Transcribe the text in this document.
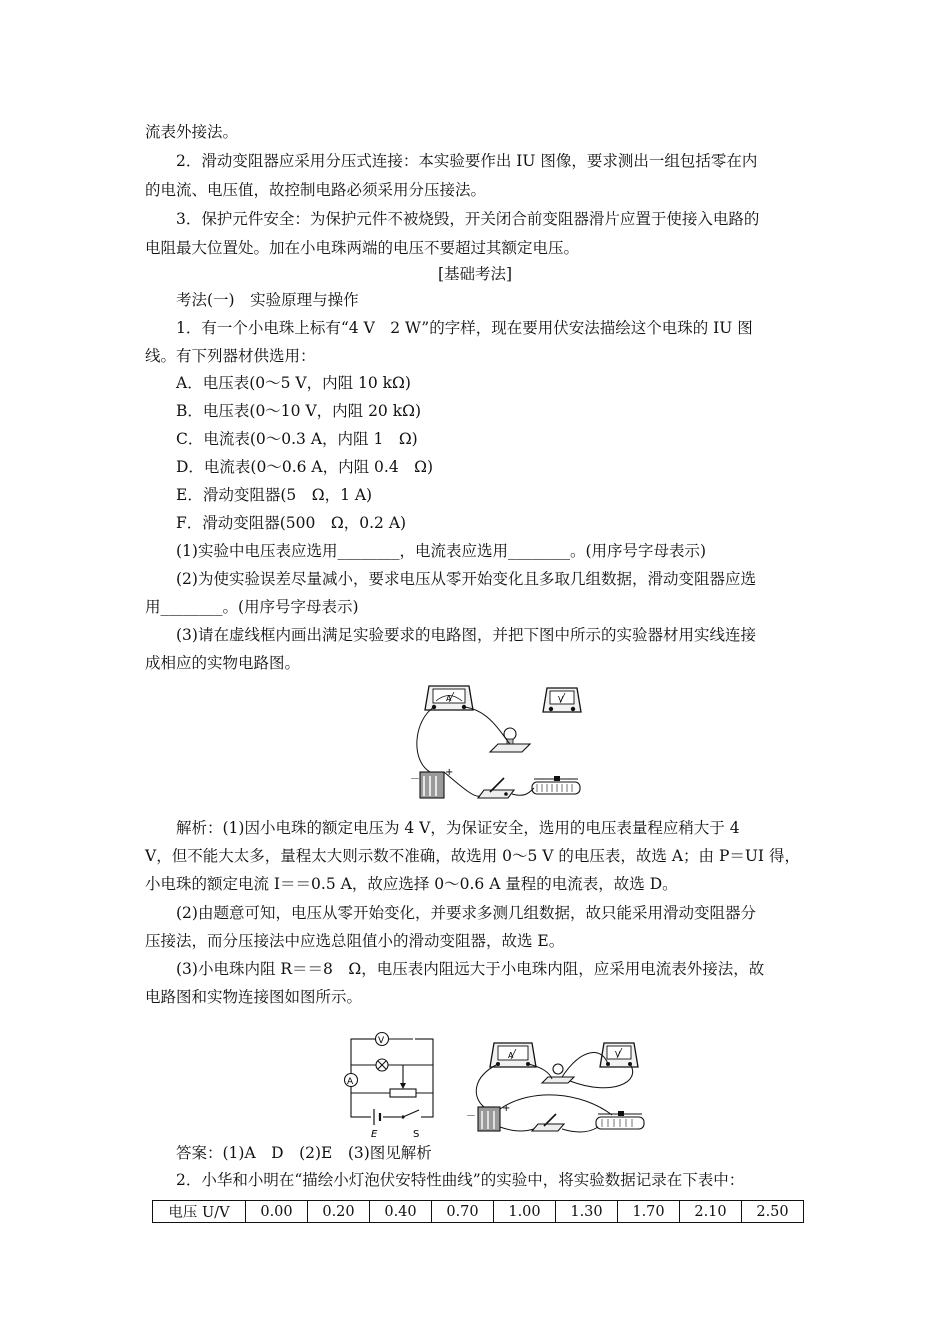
流表外接法。
2．滑动变阻器应采用分压式连接：本实验要作出 IU 图像，要求测出一组包括零在内
的电流、电压值，故控制电路必须采用分压接法。
3．保护元件安全：为保护元件不被烧毁，开关闭合前变阻器滑片应置于使接入电路的
电阻最大位置处。加在小电珠两端的电压不要超过其额定电压。
[基础考法]
考法(一)　实验原理与操作
1．有一个小电珠上标有“4 V　2 W”的字样，现在要用伏安法描绘这个电珠的 IU 图
线。有下列器材供选用：
A．电压表(0～5 V，内阻 10 kΩ)
B．电压表(0～10 V，内阻 20 kΩ)
C．电流表(0～0.3 A，内阻 1　Ω)
D．电流表(0～0.6 A，内阻 0.4　Ω)
E．滑动变阻器(5　Ω，1 A)
F．滑动变阻器(500　Ω，0.2 A)
(1)实验中电压表应选用________，电流表应选用________。(用序号字母表示)
(2)为使实验误差尽量减小，要求电压从零开始变化且多取几组数据，滑动变阻器应选
用________。(用序号字母表示)
(3)请在虚线框内画出满足实验要求的电路图，并把下图中所示的实验器材用实线连接
成相应的实物电路图。
A	V
－
+
解析：(1)因小电珠的额定电压为 4 V，为保证安全，选用的电压表量程应稍大于 4
V，但不能大太多，量程太大则示数不准确，故选用 0～5 V 的电压表，故选 A；由 P＝UI 得，
小电珠的额定电流 I＝＝0.5 A，故应选择 0～0.6 A 量程的电流表，故选 D。
(2)由题意可知，电压从零开始变化，并要求多测几组数据，故只能采用滑动变阻器分
压接法，而分压接法中应选总阻值小的滑动变阻器，故选 E。
(3)小电珠内阻 R＝＝8　Ω，电压表内阻远大于小电珠内阻，应采用电流表外接法，故
电路图和实物连接图如图所示。
V
A
E	S
A	V
－
+
答案：(1)A　D　(2)E　(3)图见解析
2．小华和小明在“描绘小灯泡伏安特性曲线”的实验中，将实验数据记录在下表中：
电压 U/V	0.00	0.20	0.40	0.70	1.00	1.30	1.70	2.10	2.50
